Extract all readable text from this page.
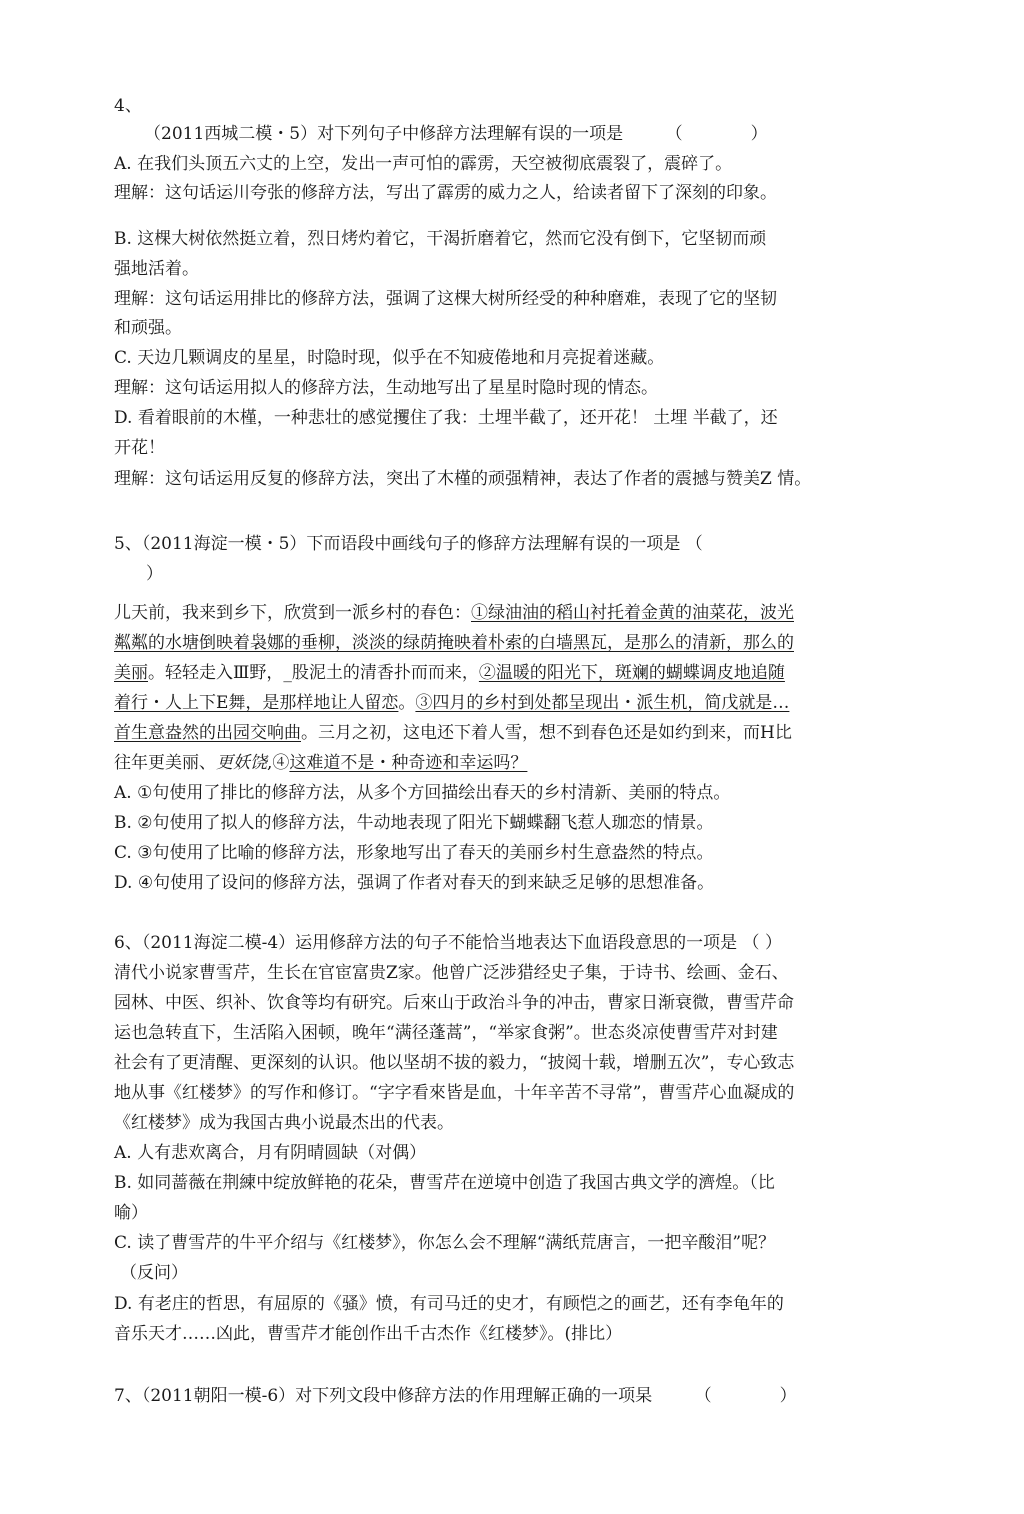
4、
（2011西城二模・5）对下列句子中修辞方法理解有误的一项是　　　（　　　　）
A. 在我们头顶五六丈的上空，发出一声可怕的霹雳，天空被彻底震裂了，震碎了。
理解：这句话运川夸张的修辞方法，写出了霹雳的威力之人，给读者留下了深刻的印象。
B. 这棵大树依然挺立着，烈日烤灼着它，干渴折磨着它，然而它没有倒下，它坚韧而顽
强地活着。
理解：这句话运用排比的修辞方法，强调了这棵大树所经受的种种磨难，表现了它的坚韧
和顽强。
C. 天边几颗调皮的星星，时隐时现，似乎在不知疲倦地和月亮捉着迷藏。
理解：这句话运用拟人的修辞方法，生动地写出了星星时隐时现的情态。
D. 看着眼前的木槿，一种悲壮的感觉攫住了我：土埋半截了，还开花！ 土埋 半截了，还
开花！
理解：这句话运用反复的修辞方法，突出了木槿的顽强精神，表达了作者的震撼与赞美Z 情。
5、（2011海淀一模・5）下而语段中画线句子的修辞方法理解有误的一项是 （
）
儿天前，我来到乡下，欣赏到一派乡村的春色：①绿油油的稻山衬托着金黄的油菜花，波光
粼粼的水塘倒映着袅娜的垂柳，淡淡的绿荫掩映着朴索的白墙黑瓦，是那么的清新，那么的
美丽。轻轻走入Ⅲ野，_股泥土的清香扑而而来，②温暖的阳光下，斑斓的蝴蝶调皮地追随
着行・人上下E舞，是那样地让人留恋。③四月的乡村到处都呈现出・派生机，简戊就是…
首生意盎然的出园交响曲。三月之初，这电还下着人雪，想不到春色还是如约到来，而H比
往年更美丽、更妖饶,④这难道不是・种奇迹和幸运吗？
A. ①句使用了排比的修辞方法，从多个方回描绘出春天的乡村清新、美丽的特点。
B. ②句使用了拟人的修辞方法，牛动地表现了阳光下蝴蝶翻飞惹人珈恋的情景。
C. ③句使用了比喻的修辞方法，形象地写出了春天的美丽乡村生意盎然的特点。
D. ④句使用了设问的修辞方法，强调了作者对春天的到来缺乏足够的思想准备。
6、（2011海淀二模-4）运用修辞方法的句子不能恰当地表达下血语段意思的一项是 （ ）
清代小说家曹雪芹，生长在官宦富贵Z家。他曾广泛涉猎经史子集，于诗书、绘画、金石、
园林、中医、织补、饮食等均有研究。后來山于政治斗争的冲击，曹家日渐衰微，曹雪芹命
运也急转直下，生活陷入困顿，晚年“满径蓬蒿”，“举家食粥”。世态炎凉使曹雪芹对封建
社会有了更清醒、更深刻的认识。他以坚胡不拔的毅力，“披阅十载，增删五次”，专心致志
地从事《红楼梦》的写作和修订。“字字看來皆是血，十年辛苦不寻常”，曹雪芹心血凝成的
《红楼梦》成为我国古典小说最杰出的代表。
A. 人有悲欢离合，月有阴晴圆缺（对偶）
B. 如同蔷薇在荆練中绽放鲜艳的花朵，曹雪芹在逆境中创造了我国古典文学的濟煌。（比
喻）
C. 读了曹雪芹的牛平介绍与《红楼梦》，你怎么会不理解“满纸荒唐言，一把辛酸泪”呢？
（反问）
D. 有老庄的哲思，有屈原的《骚》愤，有司马迁的史才，有顾恺之的画艺，还有李龟年的
音乐天才……凶此，曹雪芹才能创作出千古杰作《红楼梦》。(排比）
7、（2011朝阳一模-6）对下列文段中修辞方法的作用理解正确的一项杲　　　（　　　　）
